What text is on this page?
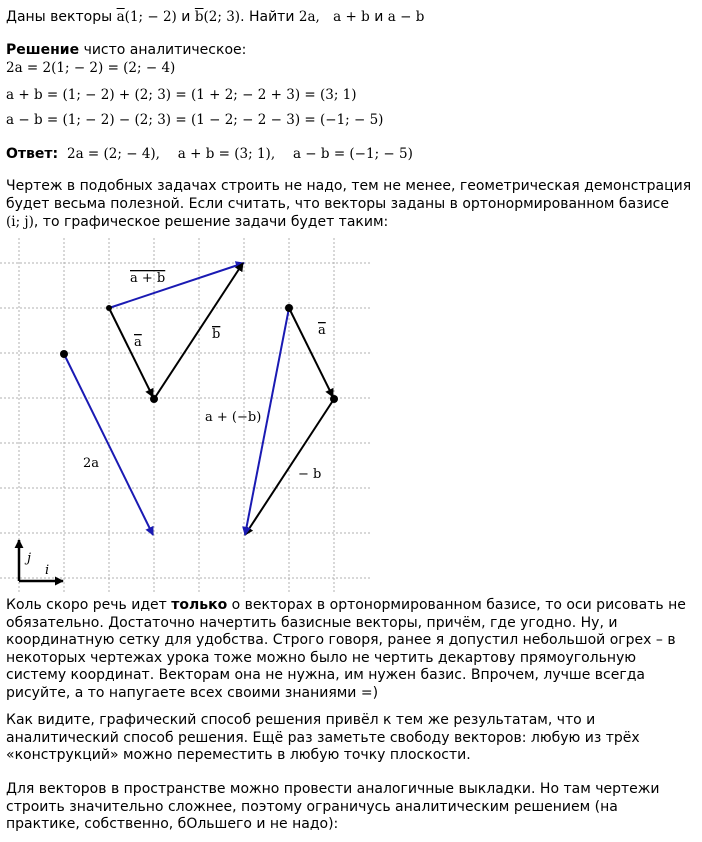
Даны векторы $\overline{a}(1$; − 2) и $\overline{b}(2$; 3). Найти 2a, a + b и a − b
Решение чисто аналитическое:
2a = 2(1; − 2) = (2; − 4)
a + b = (1; − 2) + (2; 3) = (1 + 2; − 2 + 3) = (3; 1)
a − b = (1; − 2) − (2; 3) = (1 − 2; − 2 − 3) = (−1; − 5)
Ответ: 2a = (2; − 4), a + b = (3; 1), a − b = (−1; − 5)
Чертеж в подобных задачах строить не надо, тем не менее, геометрическая демонстрация
будет весьма полезной. Если считать, что векторы заданы в ортонормированном базисе
(i; j), то графическое решение задачи будет таким:
a + b
a
b
2a
a
a + (−b)
− b
j
i
Коль скоро речь идет только о векторах в ортонормированном базисе, то оси рисовать не обязательно. Достаточно начертить базисные векторы, причём, где угодно. Ну, и координатную сетку для удобства. Строго говоря, ранее я допустил небольшой огрех – в некоторых чертежах урока тоже можно было не чертить декартову прямоугольную систему координат. Векторам она не нужна, им нужен базис. Впрочем, лучше всегда рисуйте, а то напугаете всех своими знаниями =)
Как видите, графический способ решения привёл к тем же результатам, что и аналитический способ решения. Ещё раз заметьте свободу векторов: любую из трёх «конструкций» можно переместить в любую точку плоскости.
Для векторов в пространстве можно провести аналогичные выкладки. Но там чертежи строить значительно сложнее, поэтому ограничусь аналитическим решением (на практике, собственно, бОльшего и не надо):
